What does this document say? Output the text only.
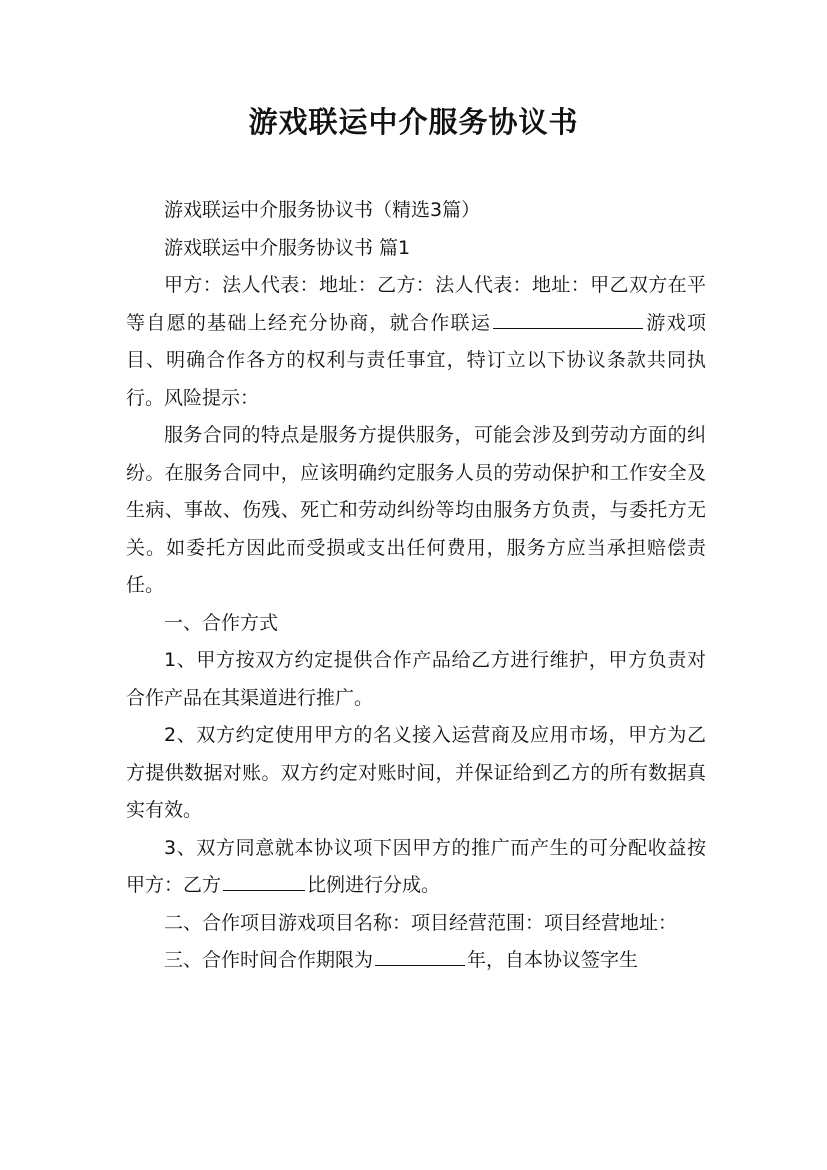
游戏联运中介服务协议书

游戏联运中介服务协议书（精选3篇）

游戏联运中介服务协议书 篇1

甲方：法人代表：地址：乙方：法人代表：地址：甲乙双方在平等自愿的基础上经充分协商，就合作联运	游戏项目、明确合作各方的权利与责任事宜，特订立以下协议条款共同执行。风险提示：

服务合同的特点是服务方提供服务，可能会涉及到劳动方面的纠纷。在服务合同中，应该明确约定服务人员的劳动保护和工作安全及生病、事故、伤残、死亡和劳动纠纷等均由服务方负责，与委托方无关。如委托方因此而受损或支出任何费用，服务方应当承担赔偿责任。

一、合作方式

1、甲方按双方约定提供合作产品给乙方进行维护，甲方负责对合作产品在其渠道进行推广。

2、双方约定使用甲方的名义接入运营商及应用市场，甲方为乙方提供数据对账。双方约定对账时间，并保证给到乙方的所有数据真实有效。

3、双方同意就本协议项下因甲方的推广而产生的可分配收益按甲方：乙方	比例进行分成。

二、合作项目游戏项目名称：项目经营范围：项目经营地址：

三、合作时间合作期限为	年，自本协议签字生
